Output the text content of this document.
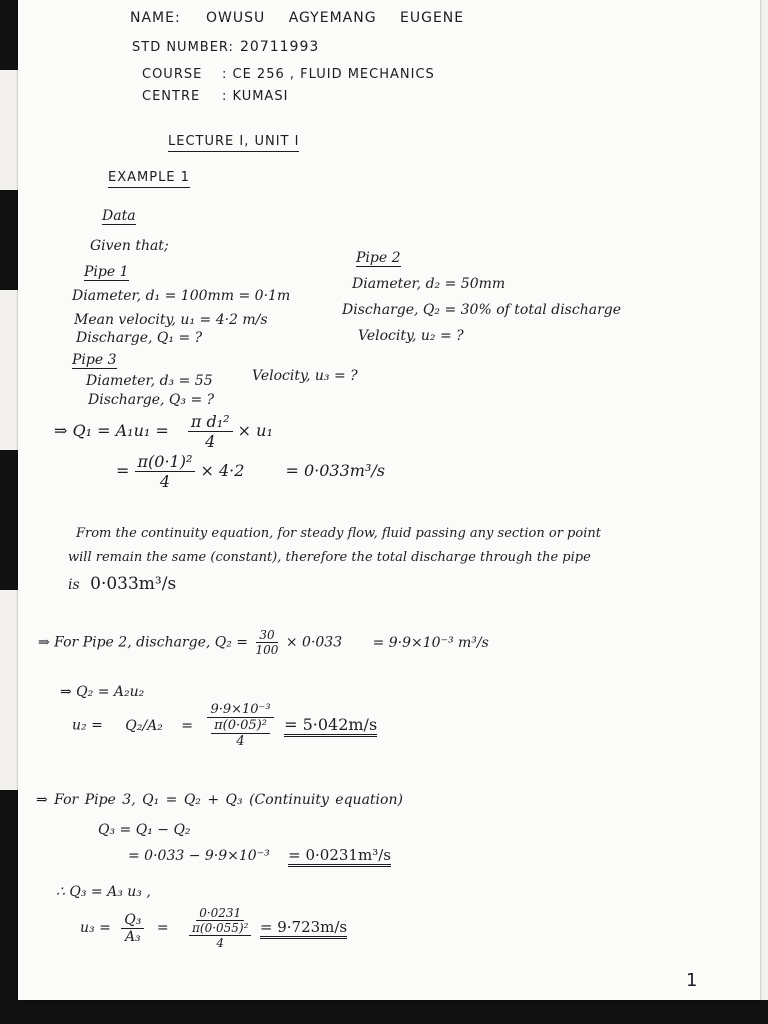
NAME: OWUSU AGYEMANG EUGENE
STD NUMBER: 20711993
COURSE : CE 256 , FLUID MECHANICS
CENTRE : KUMASI
LECTURE I, UNIT I
EXAMPLE 1
Data
Given that;
Pipe 1
Diameter, d₁ = 100mm = 0·1m
Mean velocity, u₁ = 4·2 m/s
Discharge, Q₁ = ?
Pipe 2
Diameter, d₂ = 50mm
Discharge, Q₂ = 30% of total discharge
Velocity, u₂ = ?
Pipe 3
Diameter, d₃ = 55	Velocity, u₃ = ?
Discharge, Q₃ = ?
⇒ $Q_1 = A_1u_1 = \frac{\text{π d₁²}}{4} \times u_1$
= $\frac{\text{π(0·1)²}}{4} \times 4\cdot 2$	= 0·033m³/s
From the continuity equation, for steady flow, fluid passing any section or point
will remain the same (constant), therefore the total discharge through the pipe
is 0·033m³/s
⇒ For Pipe 2, discharge, $Q_2 = \frac{30}{100} \times 0\cdot 033 = 9\cdot 9\times 10^{-3}$ m³/s
⇒ Q₂ = A₂u₂
u₂ = Q₂/A₂ =
9·9×10⁻³
π(0·05)²
4
= 5·042m/s
⇒ For Pipe 3, Q₁ = Q₂ + Q₃ (Continuity equation)
Q₃ = Q₁ − Q₂
= 0·033 − 9·9×10⁻³ = 0·0231m³/s
∴ Q₃ = A₃ u₃ ,
$u_3 = \frac{\text{Q₃}}{\text{A₃}}$ =
0·0231
π(0·055)²
4
= 9·723m/s
1
